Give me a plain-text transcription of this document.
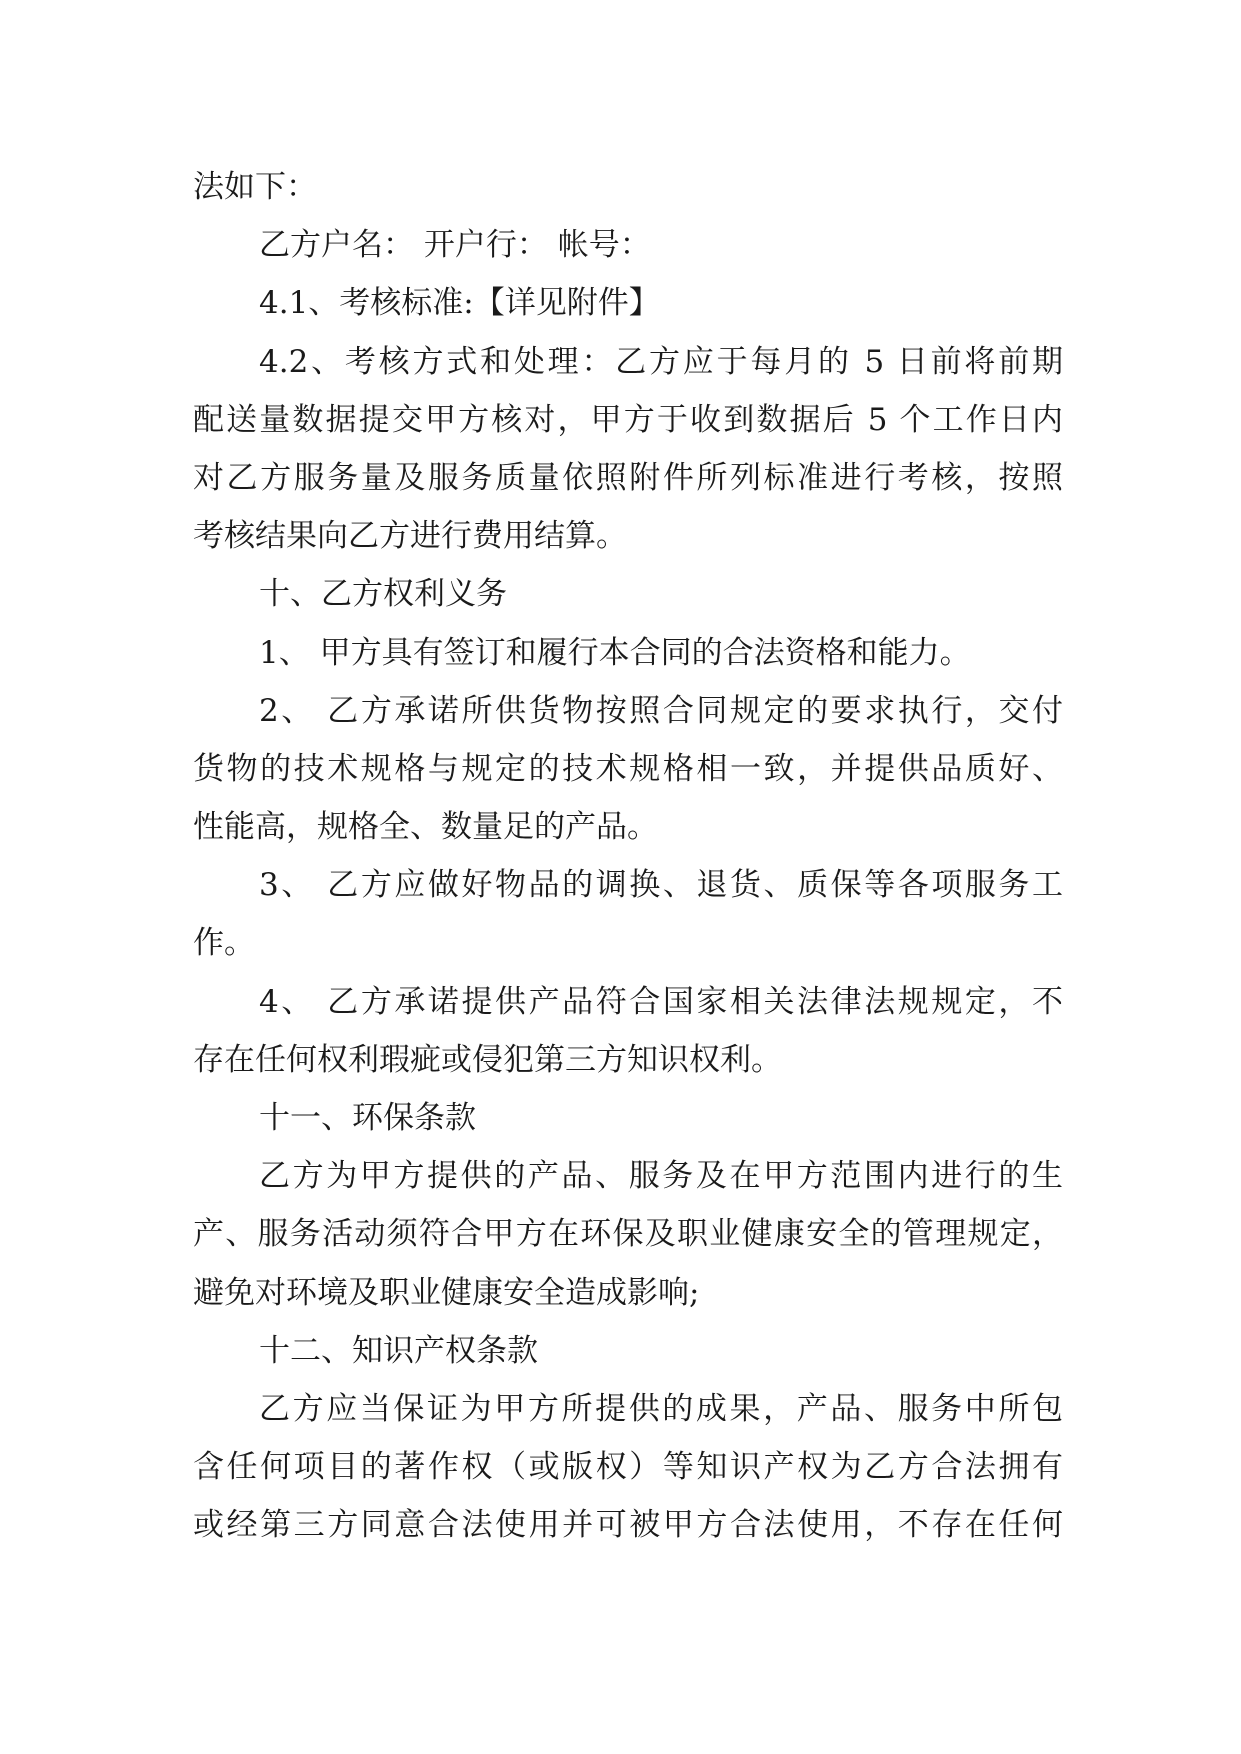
法如下：
乙方户名： 开户行： 帐号：
4.1、考核标准:【详见附件】
4.2、考核方式和处理：乙方应于每月的 5 日前将前期
配送量数据提交甲方核对，甲方于收到数据后 5 个工作日内
对乙方服务量及服务质量依照附件所列标准进行考核，按照
考核结果向乙方进行费用结算。
十、乙方权利义务
1、 甲方具有签订和履行本合同的合法资格和能力。
2、 乙方承诺所供货物按照合同规定的要求执行，交付
货物的技术规格与规定的技术规格相一致，并提供品质好、
性能高，规格全、数量足的产品。
3、 乙方应做好物品的调换、退货、质保等各项服务工
作。
4、 乙方承诺提供产品符合国家相关法律法规规定，不
存在任何权利瑕疵或侵犯第三方知识权利。
十一、环保条款
乙方为甲方提供的产品、服务及在甲方范围内进行的生
产、服务活动须符合甲方在环保及职业健康安全的管理规定，
避免对环境及职业健康安全造成影响;
十二、知识产权条款
乙方应当保证为甲方所提供的成果，产品、服务中所包
含任何项目的著作权（或版权）等知识产权为乙方合法拥有
或经第三方同意合法使用并可被甲方合法使用，不存在任何
